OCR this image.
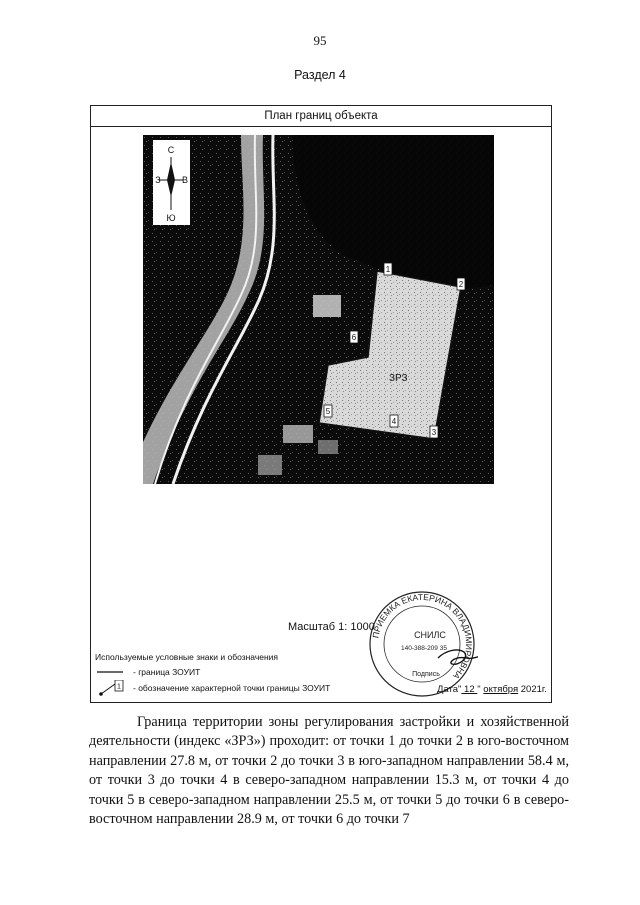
95
Раздел 4
План границ объекта
1
2
3
4
5
6
ЗРЗ
С
З В
Ю
Масштаб 1: 1000
ПРИЕМКА ЕКАТЕРИНА ВЛАДИМИРОВНА
СНИЛС
140-388-209 35
Подпись
Используемые условные знаки и обозначения
- граница ЗОУИТ
1 - обозначение характерной точки границы ЗОУИТ	Дата" 12 " октября 2021г.
Граница территории зоны регулирования застройки и хозяйственной деятельности (индекс «ЗРЗ») проходит: от точки 1 до точки 2 в юго-восточном направлении 27.8 м, от точки 2 до точки 3 в юго-западном направлении 58.4 м, от точки 3 до точки 4 в северо-западном направлении 15.3 м, от точки 4 до точки 5 в северо-западном направлении 25.5 м, от точки 5 до точки 6 в северо-восточном направлении 28.9 м, от точки 6 до точки 7
